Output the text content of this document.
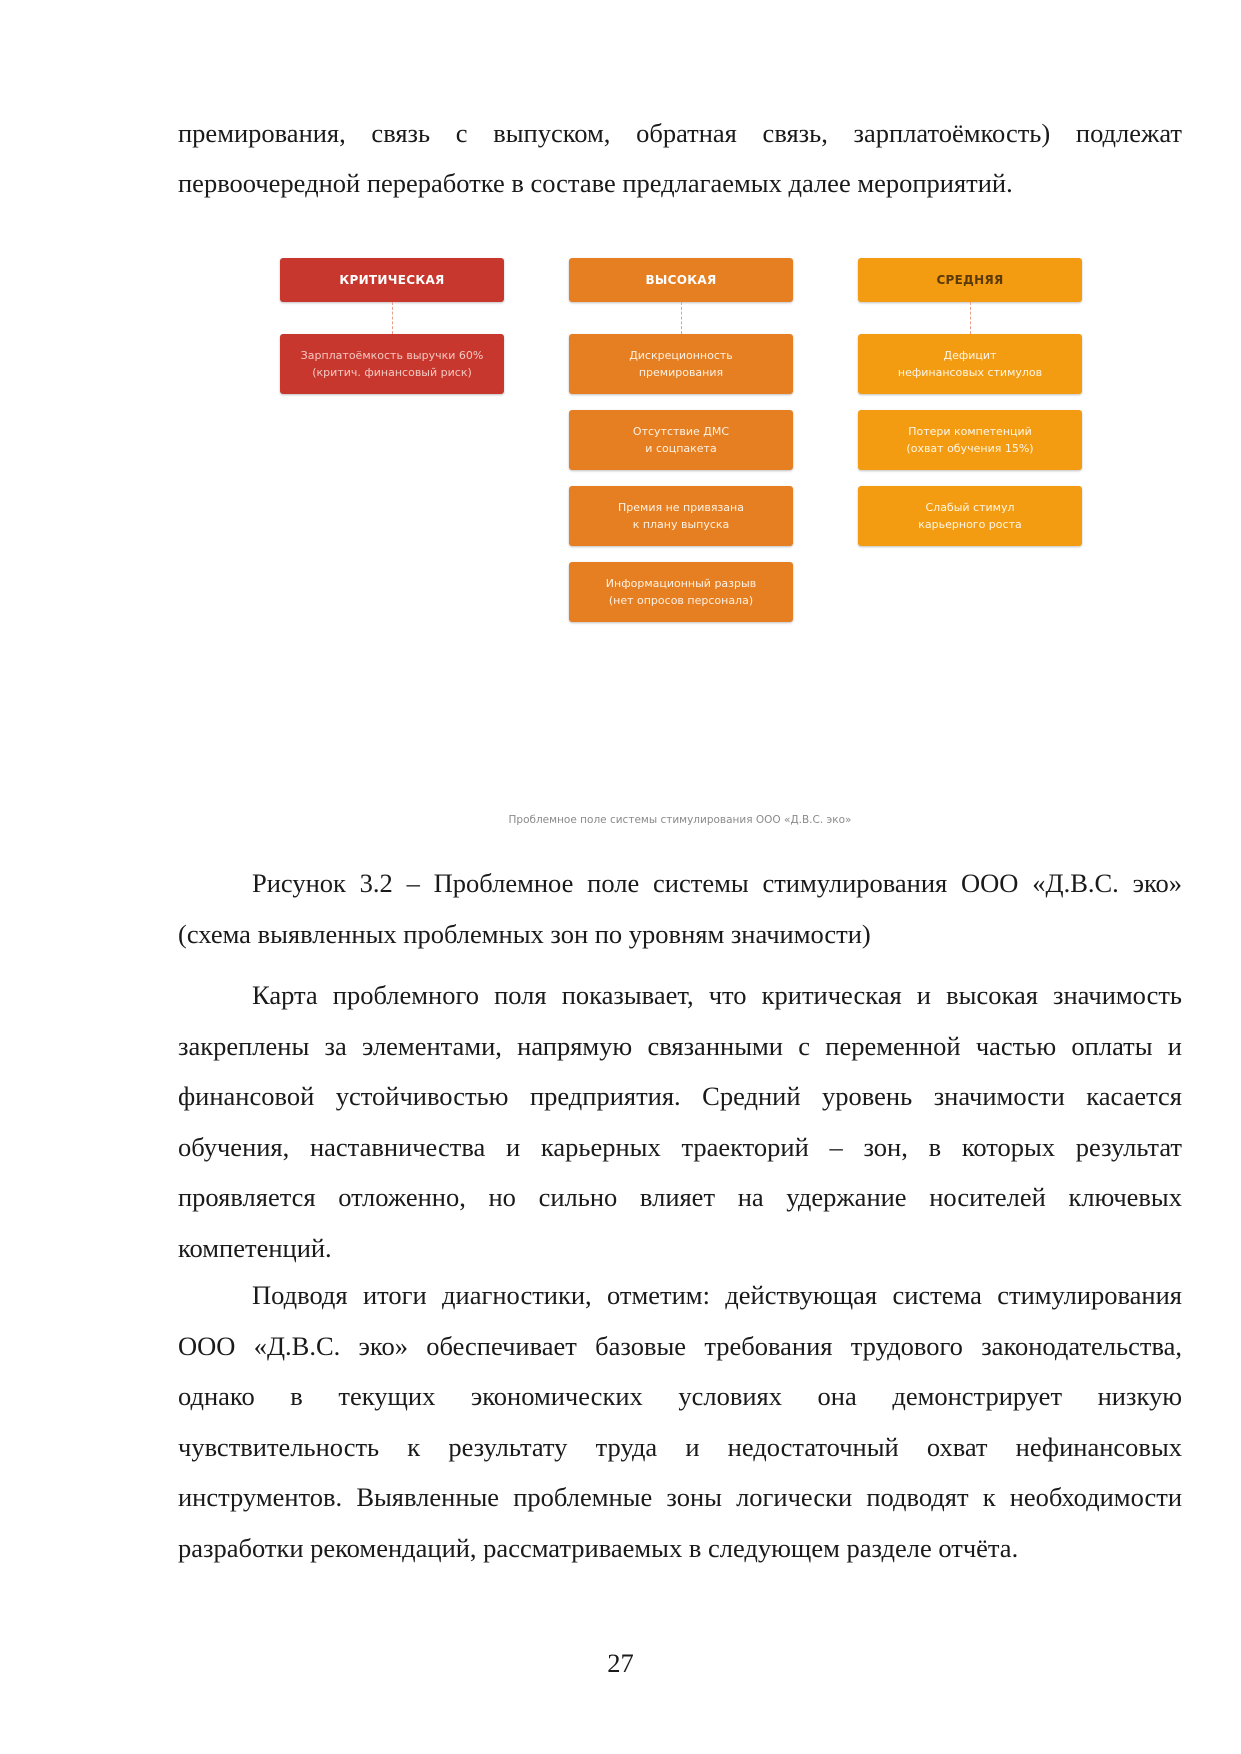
премирования, связь с выпуском, обратная связь, зарплатоёмкость) подлежат

первоочередной переработке в составе предлагаемых далее мероприятий.

КРИТИЧЕСКАЯ
Зарплатоёмкость выручки 60%
(критич. финансовый риск)
ВЫСОКАЯ
Дискреционность
премирования
Отсутствие ДМС
и соцпакета
Премия не привязана
к плану выпуска
Информационный разрыв
(нет опросов персонала)
СРЕДНЯЯ
Дефицит
нефинансовых стимулов
Потери компетенций
(охват обучения 15%)
Слабый стимул
карьерного роста
Проблемное поле системы стимулирования ООО «Д.В.С. эко»

Рисунок 3.2 – Проблемное поле системы стимулирования ООО «Д.В.С. эко» (схема выявленных проблемных зон по уровням значимости)

Карта проблемного поля показывает, что критическая и высокая значимость закреплены за элементами, напрямую связанными с переменной частью оплаты и финансовой устойчивостью предприятия. Средний уровень значимости касается обучения, наставничества и карьерных траекторий – зон, в которых результат проявляется отложенно, но сильно влияет на удержание носителей ключевых компетенций.

Подводя итоги диагностики, отметим: действующая система стимулирования ООО «Д.В.С. эко» обеспечивает базовые требования трудового законодательства, однако в текущих экономических условиях она демонстрирует низкую чувствительность к результату труда и недостаточный охват нефинансовых инструментов. Выявленные проблемные зоны логически подводят к необходимости разработки рекомендаций, рассматриваемых в следующем разделе отчёта.

27
